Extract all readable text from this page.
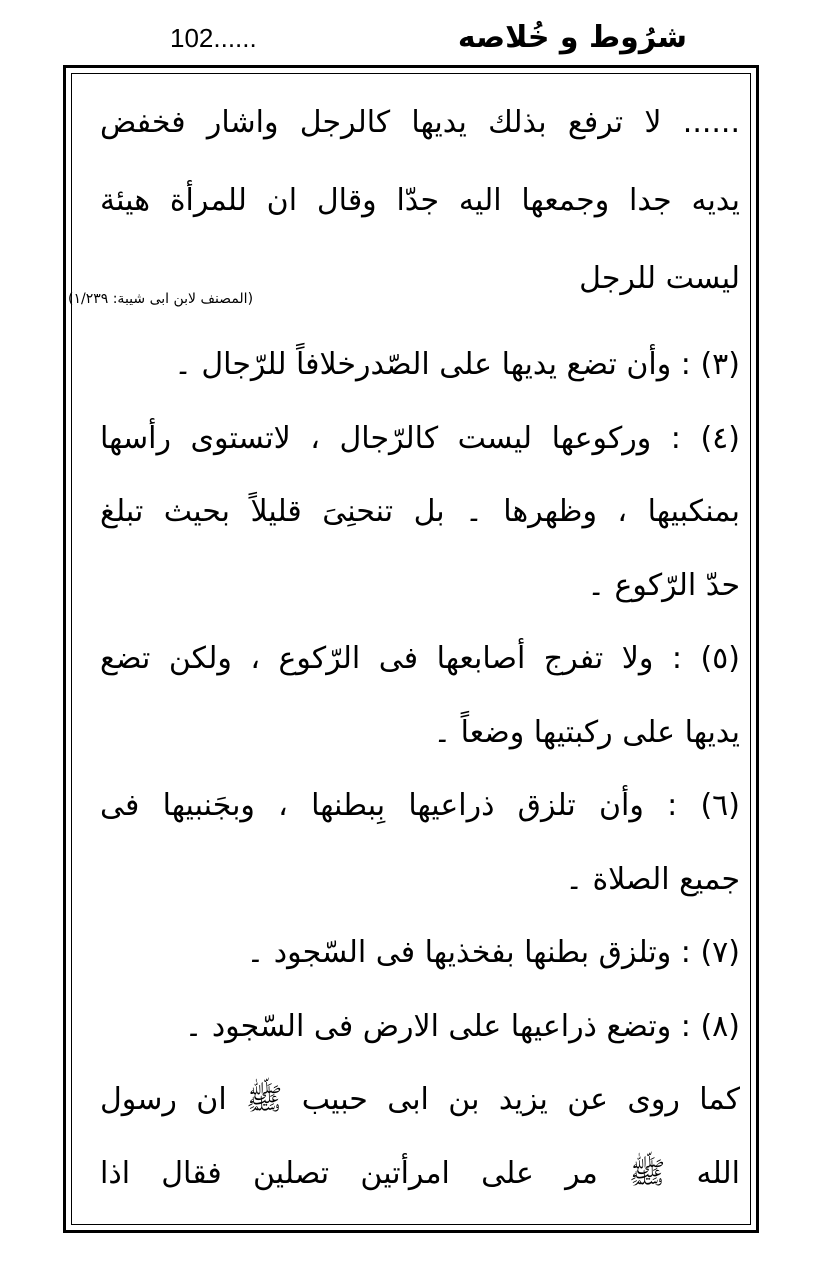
شرُوط و خُلاصه
102......
...... لا ترفع بذلك يديها كالرجل واشار فخفض
يديه جدا وجمعها اليه جدّا وقال ان للمرأة هيئة
ليست للرجل
(المصنف لابن ابی شیبة: ۱/۲۳۹)
(۳) : وأن تضع يديها على الصّدرخلافاً للرّجال ۔
(٤) : وركوعها ليست كالرّجال ، لاتستوى رأسها
بمنكبيها ، وظهرها ۔ بل تنحنِىَ قليلاً بحيث تبلغ
حدّ الرّكوع ۔
(٥) : ولا تفرج أصابعها فى الرّكوع ، ولكن تضع
يديها على ركبتيها وضعاً ۔
(٦) : وأن تلزق ذراعيها بِبطنها ، وبجَنبيها فى
جميع الصلاة ۔
(٧) : وتلزق بطنها بفخذيها فى السّجود ۔
(٨) : وتضع ذراعيها على الارض فى السّجود ۔
كما روى عن يزيد بن ابى حبيب ﷺ ان رسول
الله ﷺ مر على امرأتين تصلين فقال اذا
